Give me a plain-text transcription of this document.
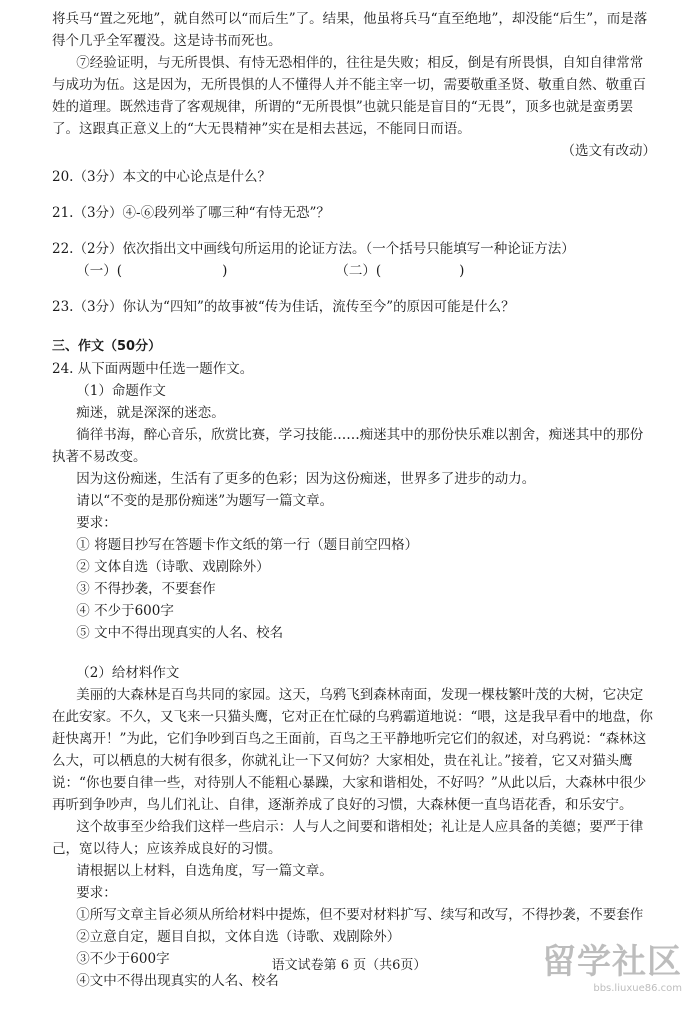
将兵马“置之死地”，就自然可以“而后生”了。结果，他虽将兵马“直至绝地”，却没能“后生”，而是落得个几乎全军覆没。这是诗书而死也。

⑦经验证明，与无所畏惧、有恃无恐相伴的，往往是失败；相反，倒是有所畏惧，自知自律常常与成功为伍。这是因为，无所畏惧的人不懂得人并不能主宰一切，需要敬重圣贤、敬重自然、敬重百姓的道理。既然违背了客观规律，所谓的“无所畏惧”也就只能是盲目的“无畏”，顶多也就是蛮勇罢了。这跟真正意义上的“大无畏精神”实在是相去甚远，不能同日而语。

（选文有改动）

20.（3分）本文的中心论点是什么？

21.（3分）④-⑥段列举了哪三种“有恃无恐”？

22.（2分）依次指出文中画线句所运用的论证方法。（一个括号只能填写一种论证方法）

（一）(	)	（二）(	)

23.（3分）你认为“四知”的故事被“传为佳话，流传至今”的原因可能是什么？

三、作文（50分）

24. 从下面两题中任选一题作文。

（1）命题作文

痴迷，就是深深的迷恋。

徜徉书海，醉心音乐，欣赏比赛，学习技能……痴迷其中的那份快乐难以割舍，痴迷其中的那份执著不易改变。

因为这份痴迷，生活有了更多的色彩；因为这份痴迷，世界多了进步的动力。

请以“不变的是那份痴迷”为题写一篇文章。

要求：

① 将题目抄写在答题卡作文纸的第一行（题目前空四格）

② 文体自选（诗歌、戏剧除外）

③ 不得抄袭，不要套作

④ 不少于600字

⑤ 文中不得出现真实的人名、校名

（2）给材料作文

美丽的大森林是百鸟共同的家园。这天，乌鸦飞到森林南面，发现一棵枝繁叶茂的大树，它决定在此安家。不久，又飞来一只猫头鹰，它对正在忙碌的乌鸦霸道地说：“喂，这是我早看中的地盘，你赶快离开！”为此，它们争吵到百鸟之王面前，百鸟之王平静地听完它们的叙述，对乌鸦说：“森林这么大，可以栖息的大树有很多，你就礼让一下又何妨？大家相处，贵在礼让。”接着，它又对猫头鹰说：“你也要自律一些，对待别人不能粗心暴躁，大家和谐相处，不好吗？”从此以后，大森林中很少再听到争吵声，鸟儿们礼让、自律，逐渐养成了良好的习惯，大森林便一直鸟语花香，和乐安宁。

这个故事至少给我们这样一些启示：人与人之间要和谐相处；礼让是人应具备的美德；要严于律己，宽以待人；应该养成良好的习惯。

请根据以上材料，自选角度，写一篇文章。

要求：

①所写文章主旨必须从所给材料中提炼，但不要对材料扩写、续写和改写，不得抄袭，不要套作

②立意自定，题目自拟，文体自选（诗歌、戏剧除外）

③不少于600字

④文中不得出现真实的人名、校名

语文试卷第 6 页（共6页）	留学社区
bbs.liuxue86.com
